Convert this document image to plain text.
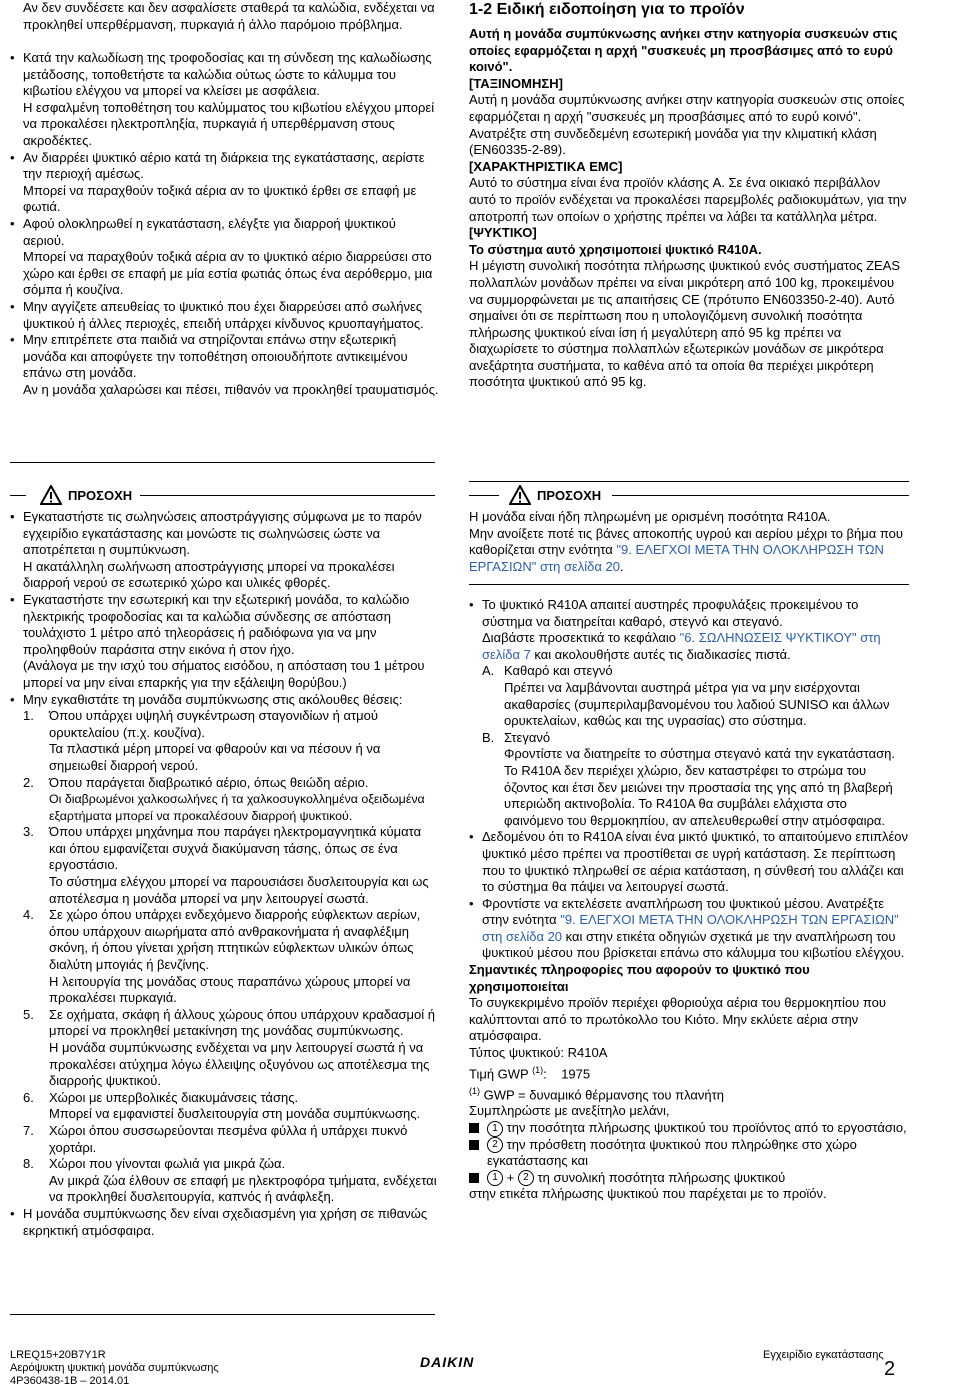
Αν δεν συνδέσετε και δεν ασφαλίσετε σταθερά τα καλώδια, ενδέχεται να προκληθεί υπερθέρμανση, πυρκαγιά ή άλλο παρόμοιο πρόβλημα.

• Κατά την καλωδίωση της τροφοδοσίας και τη σύνδεση της καλωδίωσης μετάδοσης, τοποθετήστε τα καλώδια ούτως ώστε το κάλυμμα του κιβωτίου ελέγχου να μπορεί να κλείσει με ασφάλεια.

Η εσφαλμένη τοποθέτηση του καλύμματος του κιβωτίου ελέγχου μπορεί να προκαλέσει ηλεκτροπληξία, πυρκαγιά ή υπερθέρμανση στους ακροδέκτες.

• Αν διαρρέει ψυκτικό αέριο κατά τη διάρκεια της εγκατάστασης, αερίστε την περιοχή αμέσως.

Μπορεί να παραχθούν τοξικά αέρια αν το ψυκτικό έρθει σε επαφή με φωτιά.

• Αφού ολοκληρωθεί η εγκατάσταση, ελέγξτε για διαρροή ψυκτικού αεριού.

Μπορεί να παραχθούν τοξικά αέρια αν το ψυκτικό αέριο διαρρεύσει στο χώρο και έρθει σε επαφή με μία εστία φωτιάς όπως ένα αερόθερμο, μια σόμπα ή κουζίνα.

• Μην αγγίζετε απευθείας το ψυκτικό που έχει διαρρεύσει από σωλήνες ψυκτικού ή άλλες περιοχές, επειδή υπάρχει κίνδυνος κρυοπαγήματος.

• Μην επιτρέπετε στα παιδιά να στηρίζονται επάνω στην εξωτερική μονάδα και αποφύγετε την τοποθέτηση οποιουδήποτε αντικειμένου επάνω στη μονάδα.

Αν η μονάδα χαλαρώσει και πέσει, πιθανόν να προκληθεί τραυματισμός.

ΠΡΟΣΟΧΗ

• Εγκαταστήστε τις σωληνώσεις αποστράγγισης σύμφωνα με το παρόν εγχειρίδιο εγκατάστασης και μονώστε τις σωληνώσεις ώστε να αποτρέπεται η συμπύκνωση.

Η ακατάλληλη σωλήνωση αποστράγγισης μπορεί να προκαλέσει διαρροή νερού σε εσωτερικό χώρο και υλικές φθορές.

• Εγκαταστήστε την εσωτερική και την εξωτερική μονάδα, το καλώδιο ηλεκτρικής τροφοδοσίας και τα καλώδια σύνδεσης σε απόσταση τουλάχιστο 1 μέτρο από τηλεοράσεις ή ραδιόφωνα για να μην προληφθούν παράσιτα στην εικόνα ή στον ήχο.

(Ανάλογα με την ισχύ του σήματος εισόδου, η απόσταση του 1 μέτρου μπορεί να μην είναι επαρκής για την εξάλειψη θορύβου.)

• Μην εγκαθιστάτε τη μονάδα συμπύκνωσης στις ακόλουθες θέσεις:

1. Όπου υπάρχει υψηλή συγκέντρωση σταγονιδίων ή ατμού ορυκτελαίου (π.χ. κουζίνα).

Τα πλαστικά μέρη μπορεί να φθαρούν και να πέσουν ή να σημειωθεί διαρροή νερού.

2. Όπου παράγεται διαβρωτικό αέριο, όπως θειώδη αέριο.

Οι διαβρωμένοι χαλκοσωλήνες ή τα χαλκοσυγκολλημένα οξειδωμένα εξαρτήματα μπορεί να προκαλέσουν διαρροή ψυκτικού.

3. Όπου υπάρχει μηχάνημα που παράγει ηλεκτρομαγνητικά κύματα και όπου εμφανίζεται συχνά διακύμανση τάσης, όπως σε ένα εργοστάσιο.

Το σύστημα ελέγχου μπορεί να παρουσιάσει δυσλειτουργία και ως αποτέλεσμα η μονάδα μπορεί να μην λειτουργεί σωστά.

4. Σε χώρο όπου υπάρχει ενδεχόμενο διαρροής εύφλεκτων αερίων, όπου υπάρχουν αιωρήματα από ανθρακονήματα ή αναφλέξιμη σκόνη, ή όπου γίνεται χρήση πτητικών εύφλεκτων υλικών όπως διαλύτη μπογιάς ή βενζίνης.

Η λειτουργία της μονάδας στους παραπάνω χώρους μπορεί να προκαλέσει πυρκαγιά.

5. Σε οχήματα, σκάφη ή άλλους χώρους όπου υπάρχουν κραδασμοί ή μπορεί να προκληθεί μετακίνηση της μονάδας συμπύκνωσης.

Η μονάδα συμπύκνωσης ενδέχεται να μην λειτουργεί σωστά ή να προκαλέσει ατύχημα λόγω έλλειψης οξυγόνου ως αποτέλεσμα της διαρροής ψυκτικού.

6. Χώροι με υπερβολικές διακυμάνσεις τάσης.

Μπορεί να εμφανιστεί δυσλειτουργία στη μονάδα συμπύκνωσης.

7. Χώροι όπου συσσωρεύονται πεσμένα φύλλα ή υπάρχει πυκνό χορτάρι.

8. Χώροι που γίνονται φωλιά για μικρά ζώα.

Αν μικρά ζώα έλθουν σε επαφή με ηλεκτροφόρα τμήματα, ενδέχεται να προκληθεί δυσλειτουργία, καπνός ή ανάφλεξη.

• Η μονάδα συμπύκνωσης δεν είναι σχεδιασμένη για χρήση σε πιθανώς εκρηκτική ατμόσφαιρα.

1-2 Ειδική ειδοποίηση για το προϊόν

Αυτή η μονάδα συμπύκνωσης ανήκει στην κατηγορία συσκευών στις οποίες εφαρμόζεται η αρχή "συσκευές μη προσβάσιμες από το ευρύ κοινό".

[ΤΑΞΙΝΟΜΗΣΗ]

Αυτή η μονάδα συμπύκνωσης ανήκει στην κατηγορία συσκευών στις οποίες εφαρμόζεται η αρχή "συσκευές μη προσβάσιμες από το ευρύ κοινό".

Ανατρέξτε στη συνδεδεμένη εσωτερική μονάδα για την κλιματική κλάση (EN60335-2-89).

[ΧΑΡΑΚΤΗΡΙΣΤΙΚΑ EMC]

Αυτό το σύστημα είναι ένα προϊόν κλάσης A. Σε ένα οικιακό περιβάλλον αυτό το προϊόν ενδέχεται να προκαλέσει παρεμβολές ραδιοκυμάτων, για την αποτροπή των οποίων ο χρήστης πρέπει να λάβει τα κατάλληλα μέτρα.

[ΨΥΚΤΙΚΟ]

Το σύστημα αυτό χρησιμοποιεί ψυκτικό R410A.

Η μέγιστη συνολική ποσότητα πλήρωσης ψυκτικού ενός συστήματος ZEAS πολλαπλών μονάδων πρέπει να είναι μικρότερη από 100 kg, προκειμένου να συμμορφώνεται με τις απαιτήσεις CE (πρότυπο EN603350-2-40). Αυτό σημαίνει ότι σε περίπτωση που η υπολογιζόμενη συνολική ποσότητα πλήρωσης ψυκτικού είναι ίση ή μεγαλύτερη από 95 kg πρέπει να διαχωρίσετε το σύστημα πολλαπλών εξωτερικών μονάδων σε μικρότερα ανεξάρτητα συστήματα, το καθένα από τα οποία θα περιέχει μικρότερη ποσότητα ψυκτικού από 95 kg.

ΠΡΟΣΟΧΗ

Η μονάδα είναι ήδη πληρωμένη με ορισμένη ποσότητα R410A.

Μην ανοίξετε ποτέ τις βάνες αποκοπής υγρού και αερίου μέχρι το βήμα που καθορίζεται στην ενότητα "9. ΕΛΕΓΧΟΙ ΜΕΤΑ ΤΗΝ ΟΛΟΚΛΗΡΩΣΗ ΤΩΝ ΕΡΓΑΣΙΩΝ" στη σελίδα 20.

• Το ψυκτικό R410A απαιτεί αυστηρές προφυλάξεις προκειμένου το σύστημα να διατηρείται καθαρό, στεγνό και στεγανό.

Διαβάστε προσεκτικά το κεφάλαιο "6. ΣΩΛΗΝΩΣΕΙΣ ΨΥΚΤΙΚΟΥ" στη σελίδα 7 και ακολουθήστε αυτές τις διαδικασίες πιστά.

A. Καθαρό και στεγνό

Πρέπει να λαμβάνονται αυστηρά μέτρα για να μην εισέρχονται ακαθαρσίες (συμπεριλαμβανομένου του λαδιού SUNISO και άλλων ορυκτελαίων, καθώς και της υγρασίας) στο σύστημα.

B. Στεγανό

Φροντίστε να διατηρείτε το σύστημα στεγανό κατά την εγκατάσταση.

Το R410A δεν περιέχει χλώριο, δεν καταστρέφει το στρώμα του όζοντος και έτσι δεν μειώνει την προστασία της γης από τη βλαβερή υπεριώδη ακτινοβολία. Το R410A θα συμβάλει ελάχιστα στο φαινόμενο του θερμοκηπίου, αν απελευθερωθεί στην ατμόσφαιρα.

• Δεδομένου ότι το R410A είναι ένα μικτό ψυκτικό, το απαιτούμενο επιπλέον ψυκτικό μέσο πρέπει να προστίθεται σε υγρή κατάσταση. Σε περίπτωση που το ψυκτικό πληρωθεί σε αέρια κατάσταση, η σύνθεσή του αλλάζει και το σύστημα θα πάψει να λειτουργεί σωστά.

• Φροντίστε να εκτελέσετε αναπλήρωση του ψυκτικού μέσου. Ανατρέξτε στην ενότητα "9. ΕΛΕΓΧΟΙ ΜΕΤΑ ΤΗΝ ΟΛΟΚΛΗΡΩΣΗ ΤΩΝ ΕΡΓΑΣΙΩΝ" στη σελίδα 20 και στην ετικέτα οδηγιών σχετικά με την αναπλήρωση του ψυκτικού μέσου που βρίσκεται επάνω στο κάλυμμα του κιβωτίου ελέγχου.

Σημαντικές πληροφορίες που αφορούν το ψυκτικό που χρησιμοποιείται

Το συγκεκριμένο προϊόν περιέχει φθοριούχα αέρια του θερμοκηπίου που καλύπτονται από το πρωτόκολλο του Κιότο. Μην εκλύετε αέρια στην ατμόσφαιρα.

Τύπος ψυκτικού: R410A

Τιμή GWP $^{(1)}$: 1975

$^{(1)}$ GWP = δυναμικό θέρμανσης του πλανήτη

Συμπληρώστε με ανεξίτηλο μελάνι,

1 την ποσότητα πλήρωσης ψυκτικού του προϊόντος από το εργοστάσιο,
2 την πρόσθετη ποσότητα ψυκτικού που πληρώθηκε στο χώρο εγκατάστασης και
1 + 2 τη συνολική ποσότητα πλήρωσης ψυκτικού

στην ετικέτα πλήρωσης ψυκτικού που παρέχεται με το προϊόν.

LREQ15+20B7Y1R
Αερόψυκτη ψυκτική μονάδα συμπύκνωσης
4P360438-1B – 2014.01
DAIKIN	Εγχειρίδιο εγκατάστασης
2
